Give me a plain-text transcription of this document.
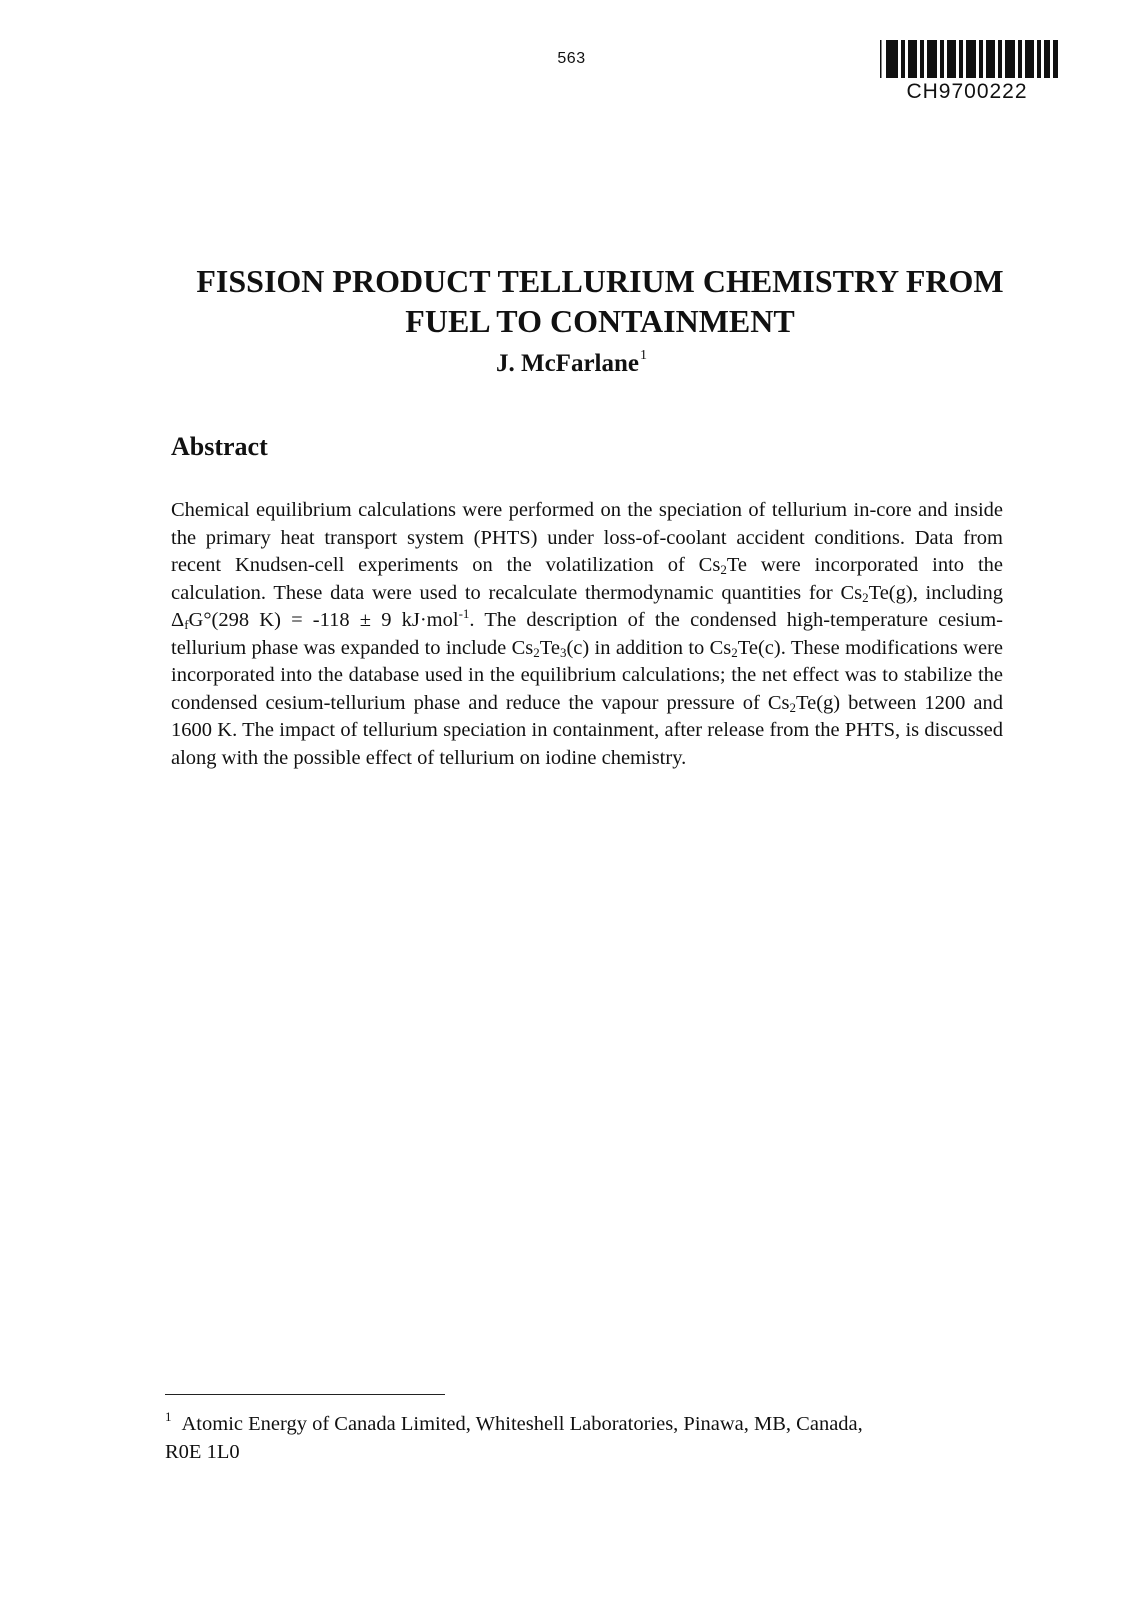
563
CH9700222
FISSION PRODUCT TELLURIUM CHEMISTRY FROM
FUEL TO CONTAINMENT
J. McFarlane$^1$
Abstract

Chemical equilibrium calculations were performed on the speciation of tellurium in-core and inside the primary heat transport system (PHTS) under loss-of-coolant accident conditions. Data from recent Knudsen-cell experiments on the volatilization of $Cs_2Te$ were incorporated into the calculation. These data were used to recalculate thermodynamic quantities for $Cs_2Te(g)$, including $\Delta_fG^\circ(298$ K) = -118 ± 9 kJ·mol$^{-1}$. The description of the condensed high-temperature cesium-tellurium phase was expanded to include $Cs_2Te_3(c)$ in addition to $Cs_2Te(c)$. These modifications were incorporated into the database used in the equilibrium calculations; the net effect was to stabilize the condensed cesium-tellurium phase and reduce the vapour pressure of $Cs_2Te(g)$ between 1200 and 1600 K. The impact of tellurium speciation in containment, after release from the PHTS, is discussed along with the possible effect of tellurium on iodine chemistry.

$^1$ Atomic Energy of Canada Limited, Whiteshell Laboratories, Pinawa, MB, Canada,
R0E 1L0
